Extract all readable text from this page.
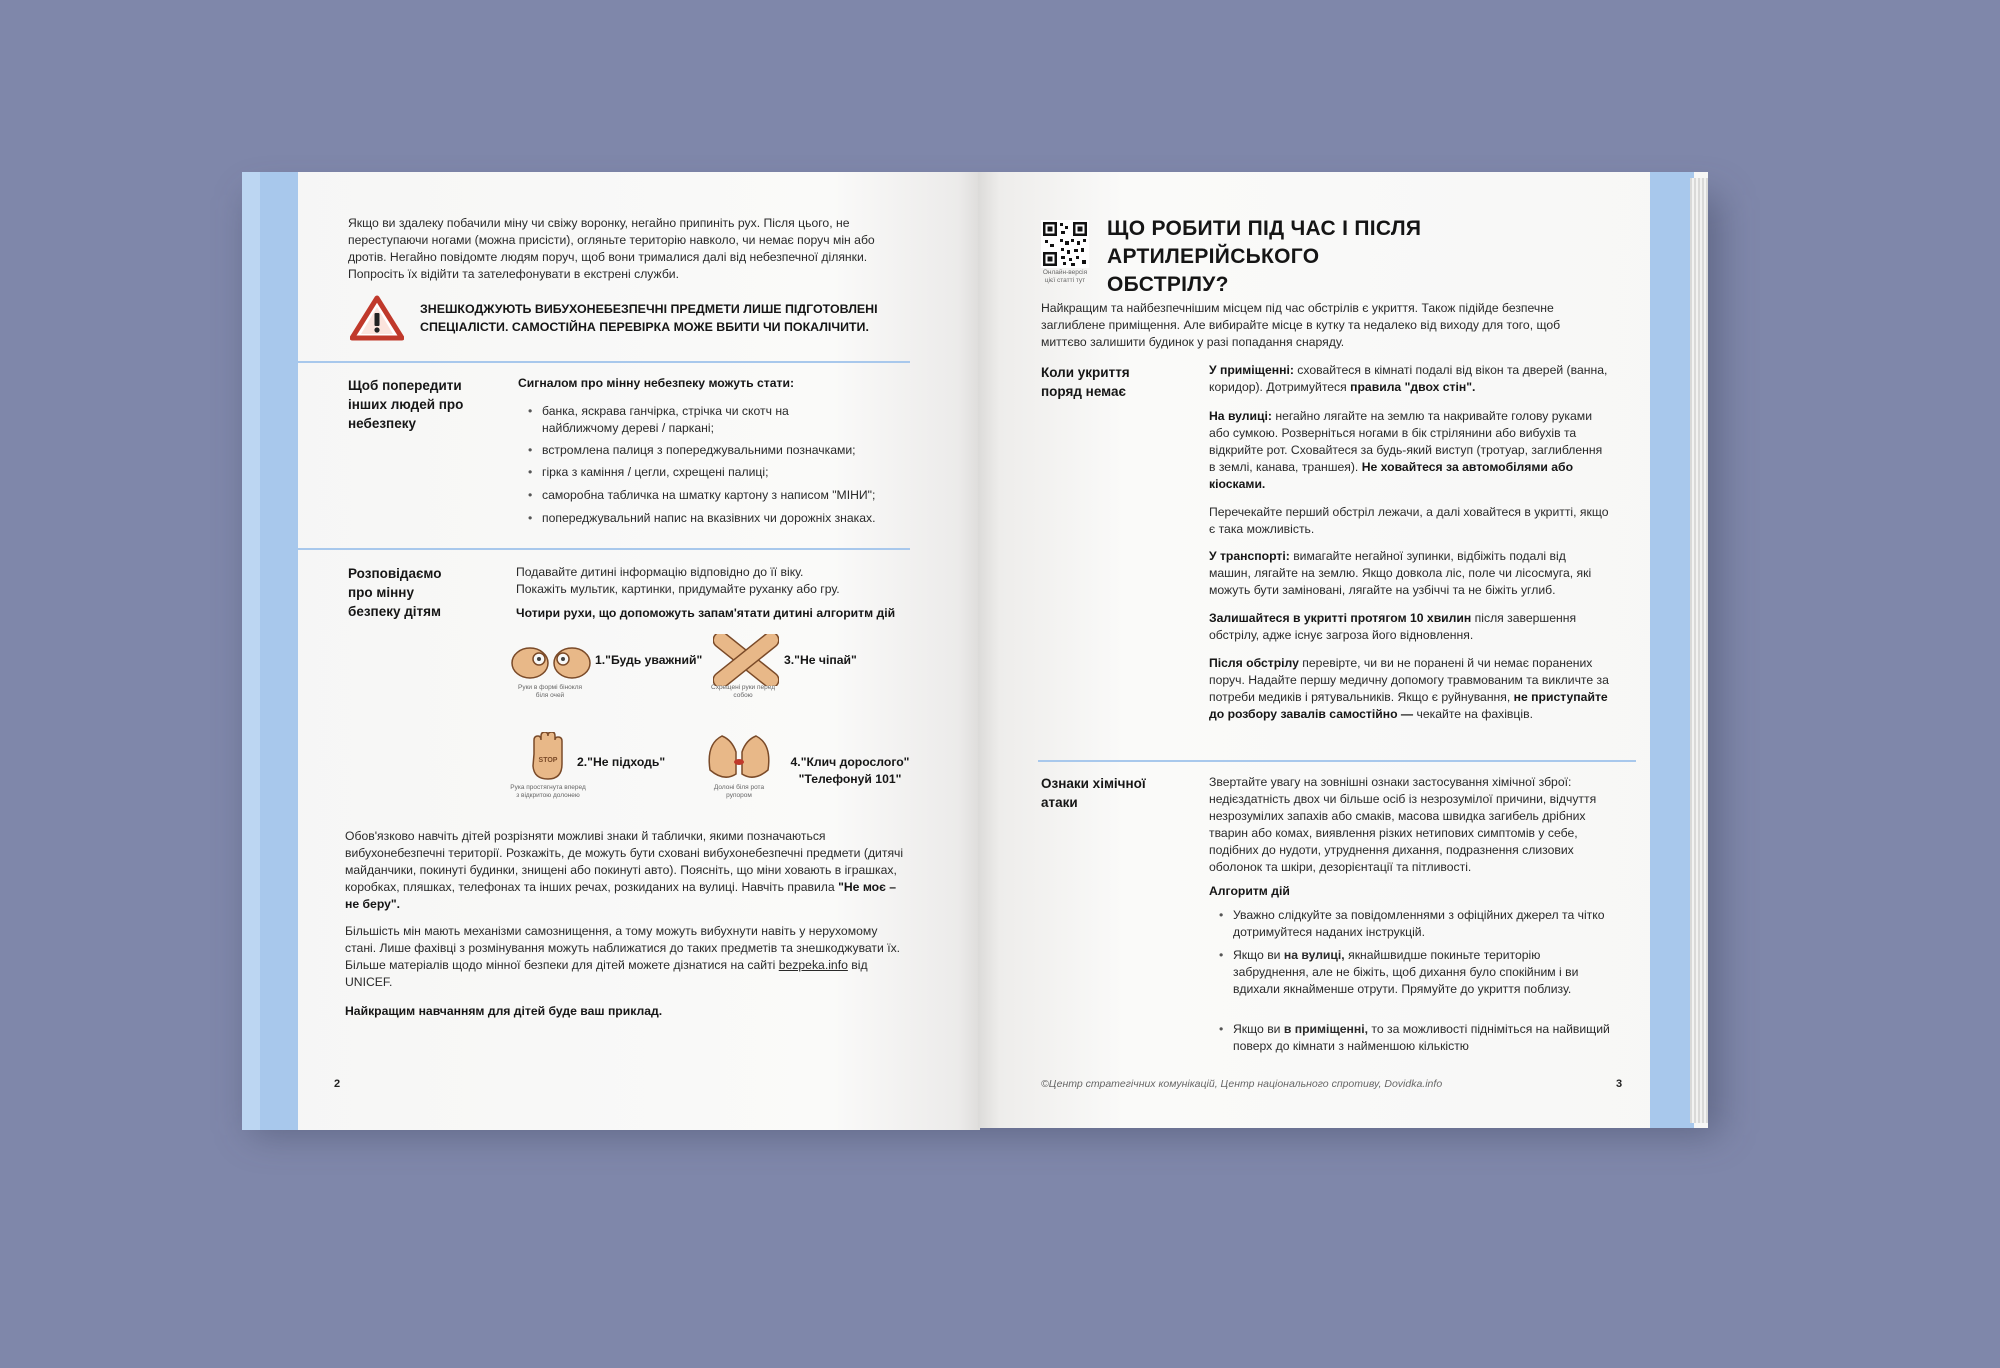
Якщо ви здалеку побачили міну чи свіжу воронку, негайно припиніть рух. Після цього, не переступаючи ногами (можна присісти), огляньте територію навколо, чи немає поруч мін або дротів. Негайно повідомте людям поруч, щоб вони трималися далі від небезпечної ділянки. Попросіть їх відійти та зателефонувати в екстрені служби.
ЗНЕШКОДЖУЮТЬ ВИБУХОНЕБЕЗПЕЧНІ ПРЕДМЕТИ ЛИШЕ ПІДГОТОВЛЕНІ
СПЕЦІАЛІСТИ. САМОСТІЙНА ПЕРЕВІРКА МОЖЕ ВБИТИ ЧИ ПОКАЛІЧИТИ.
Щоб попередити інших людей про небезпеку
Сигналом про мінну небезпеку можуть стати:
• банка, яскрава ганчірка, стрічка чи скотч на найближчому дереві / паркані;
• встромлена палиця з попереджувальними позначками;
• гірка з каміння / цегли, схрещені палиці;
• саморобна табличка на шматку картону з написом "МІНИ";
• попереджувальний напис на вказівних чи дорожніх знаках.
Розповідаємо про мінну безпеку дітям
Подавайте дитині інформацію відповідно до її віку.
Покажіть мультик, картинки, придумайте руханку або гру.
Чотири рухи, що допоможуть запам'ятати дитині алгоритм дій
1."Будь уважний"
Руки в формі бінокля біля очей
3."Не чіпай"
Схрещені руки перед собою
STOP 2."Не підходь"
Рука простягнута вперед з відкритою долонею
4."Клич дорослого" "Телефонуй 101"
Долоні біля рота рупором
Обов'язково навчіть дітей розрізняти можливі знаки й таблички, якими позначаються вибухонебезпечні території. Розкажіть, де можуть бути сховані вибухонебезпечні предмети (дитячі майданчики, покинуті будинки, знищені або покинуті авто). Поясніть, що міни ховають в іграшках, коробках, пляшках, телефонах та інших речах, розкиданих на вулиці. Навчіть правила "Не моє – не беру".
Більшість мін мають механізми самознищення, а тому можуть вибухнути навіть у нерухомому стані. Лише фахівці з розмінування можуть наближатися до таких предметів та знешкоджувати їх. Більше матеріалів щодо мінної безпеки для дітей можете дізнатися на сайті bezpeka.info від UNICEF.
Найкращим навчанням для дітей буде ваш приклад.
2
Онлайн-версія цієї статті тут
ЩО РОБИТИ ПІД ЧАС І ПІСЛЯ АРТИЛЕРІЙСЬКОГО ОБСТРІЛУ?
Найкращим та найбезпечнішим місцем під час обстрілів є укриття. Також підійде безпечне заглиблене приміщення. Але вибирайте місце в кутку та недалеко від виходу для того, щоб миттєво залишити будинок у разі попадання снаряду.
Коли укриття поряд немає
У приміщенні: сховайтеся в кімнаті подалі від вікон та дверей (ванна, коридор). Дотримуйтеся правила "двох стін".
На вулиці: негайно лягайте на землю та накривайте голову руками або сумкою. Розверніться ногами в бік стрілянини або вибухів та відкрийте рот. Сховайтеся за будь-який виступ (тротуар, заглиблення в землі, канава, траншея). Не ховайтеся за автомобілями або кіосками.
Перечекайте перший обстріл лежачи, а далі ховайтеся в укритті, якщо є така можливість.
У транспорті: вимагайте негайної зупинки, відбіжіть подалі від машин, лягайте на землю. Якщо довкола ліс, поле чи лісосмуга, які можуть бути заміновані, лягайте на узбіччі та не біжіть углиб.
Залишайтеся в укритті протягом 10 хвилин після завершення обстрілу, адже існує загроза його відновлення.
Після обстрілу перевірте, чи ви не поранені й чи немає поранених поруч. Надайте першу медичну допомогу травмованим та викличте за потреби медиків і рятувальників. Якщо є руйнування, не приступайте до розбору завалів самостійно — чекайте на фахівців.
Ознаки хімічної атаки
Звертайте увагу на зовнішні ознаки застосування хімічної зброї: недієздатність двох чи більше осіб із незрозумілої причини, відчуття незрозумілих запахів або смаків, масова швидка загибель дрібних тварин або комах, виявлення різких нетипових симптомів у себе, подібних до нудоти, утруднення дихання, подразнення слизових оболонок та шкіри, дезорієнтації та пітливості.
Алгоритм дій
• Уважно слідкуйте за повідомленнями з офіційних джерел та чітко дотримуйтеся наданих інструкцій.
• Якщо ви на вулиці, якнайшвидше покиньте територію забруднення, але не біжіть, щоб дихання було спокійним і ви вдихали якнайменше отрути. Прямуйте до укриття поблизу.
• Якщо ви в приміщенні, то за можливості підніміться на найвищий поверх до кімнати з найменшою кількістю
©Центр стратегічних комунікацій, Центр національного спротиву, Dovidka.info	3
